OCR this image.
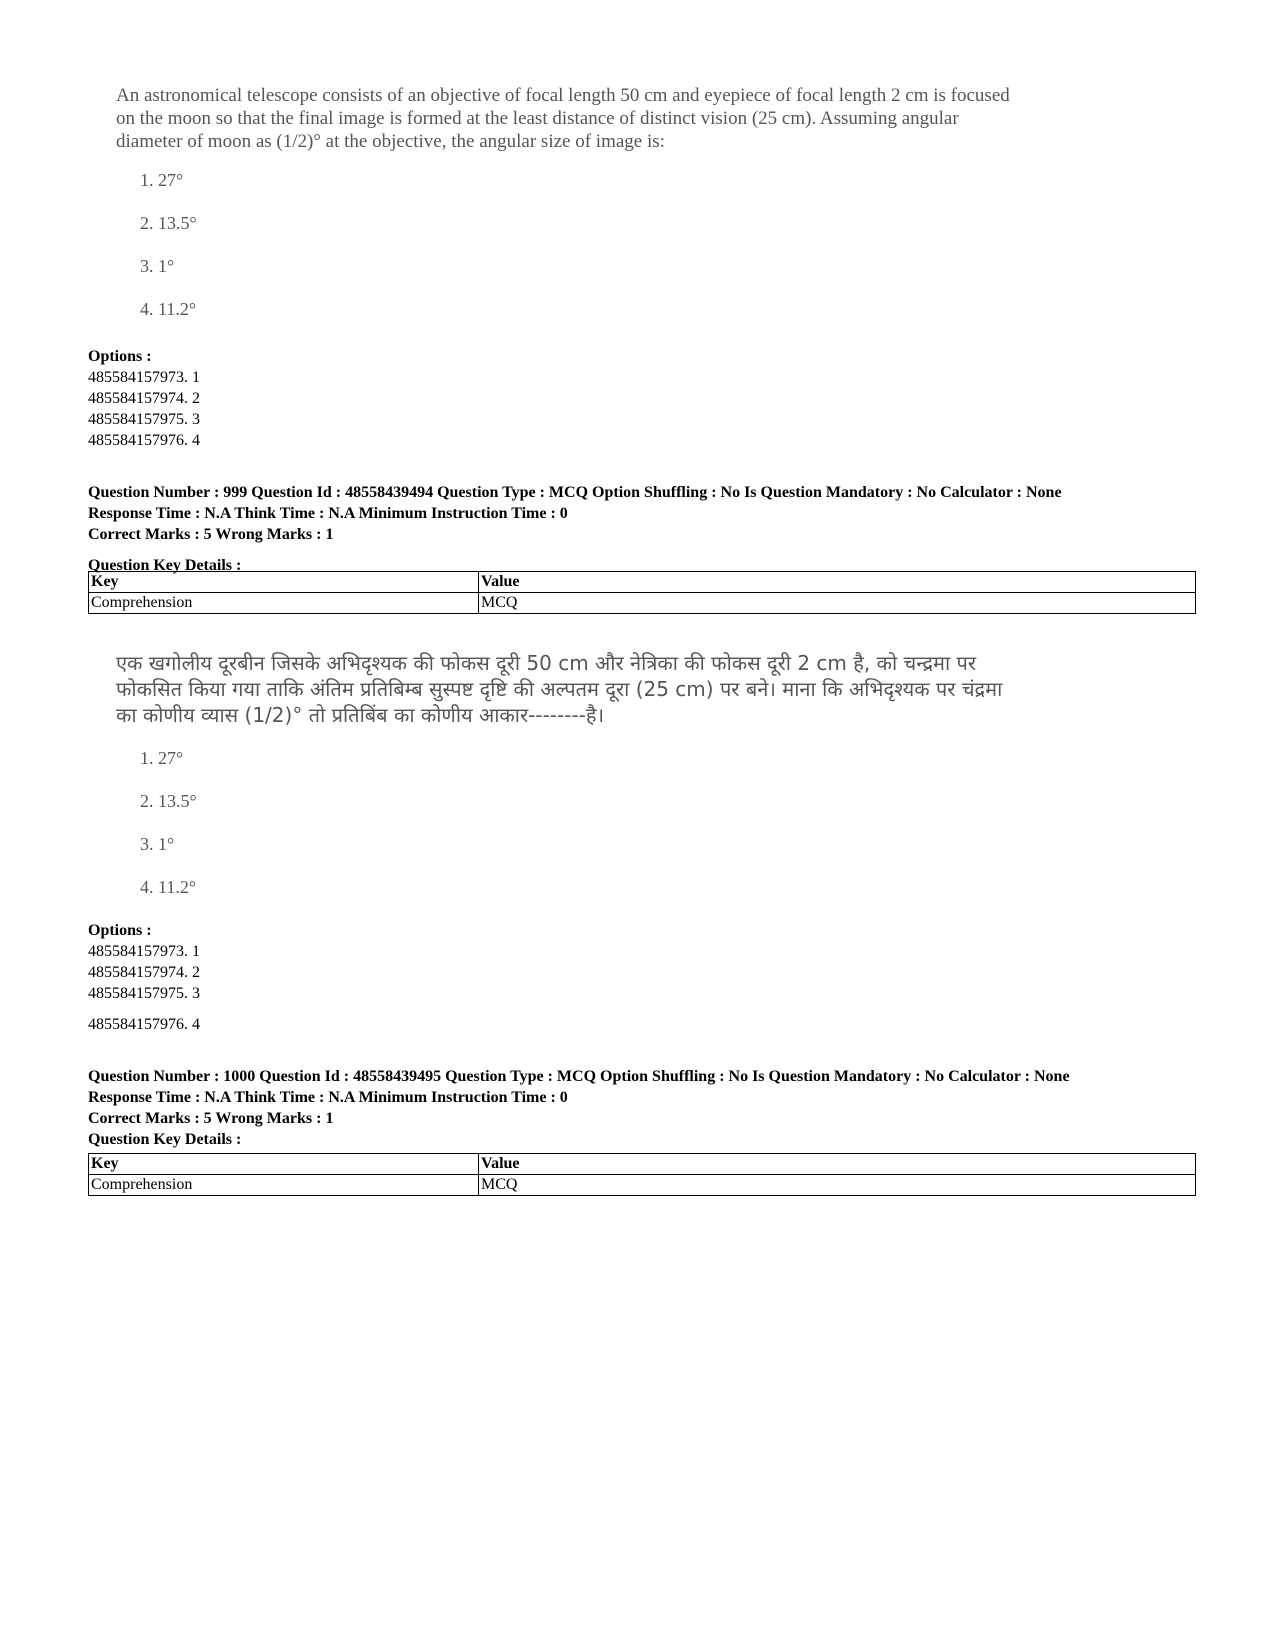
An astronomical telescope consists of an objective of focal length 50 cm and eyepiece of focal length 2 cm is focused on the moon so that the final image is formed at the least distance of distinct vision (25 cm). Assuming angular diameter of moon as (1/2)° at the objective, the angular size of image is:
1. 27°
2. 13.5°
3. 1°
4. 11.2°
Options :
485584157973. 1
485584157974. 2
485584157975. 3
485584157976. 4
Question Number : 999 Question Id : 48558439494 Question Type : MCQ Option Shuffling : No Is Question Mandatory : No Calculator : None
Response Time : N.A Think Time : N.A Minimum Instruction Time : 0
Correct Marks : 5 Wrong Marks : 1
Question Key Details :
Key	Value
Comprehension	MCQ
एक खगोलीय दूरबीन जिसके अभिदृश्यक की फोकस दूरी 50 cm और नेत्रिका की फोकस दूरी 2 cm है, को चन्द्रमा पर फोकसित किया गया ताकि अंतिम प्रतिबिम्ब सुस्पष्ट दृष्टि की अल्पतम दूरा (25 cm) पर बने। माना कि अभिदृश्यक पर चंद्रमा का कोणीय व्यास (1/2)° तो प्रतिबिंब का कोणीय आकार--------है।
1. 27°
2. 13.5°
3. 1°
4. 11.2°
Options :
485584157973. 1
485584157974. 2
485584157975. 3
485584157976. 4
Question Number : 1000 Question Id : 48558439495 Question Type : MCQ Option Shuffling : No Is Question Mandatory : No Calculator : None
Response Time : N.A Think Time : N.A Minimum Instruction Time : 0
Correct Marks : 5 Wrong Marks : 1
Question Key Details :
Key	Value
Comprehension	MCQ
